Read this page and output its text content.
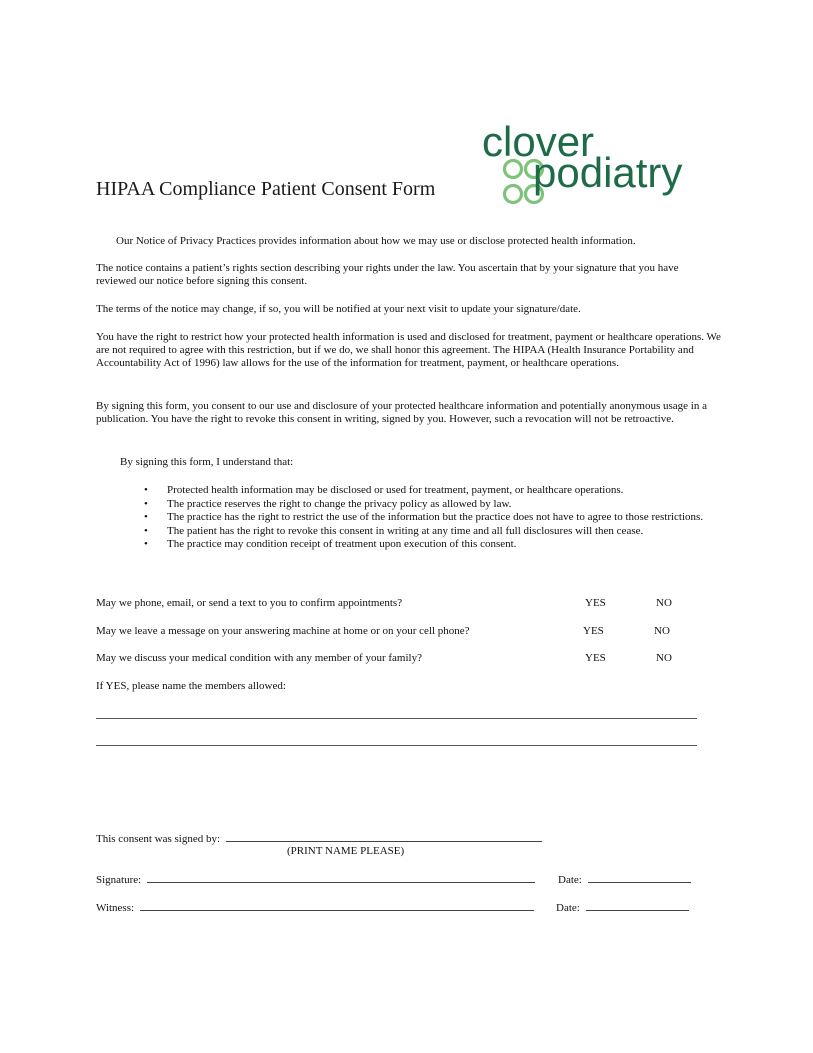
HIPAA Compliance Patient Consent Form
clover
podiatry
Our Notice of Privacy Practices provides information about how we may use or disclose protected health information.
The notice contains a patient’s rights section describing your rights under the law. You ascertain that by your signature that you have reviewed our notice before signing this consent.
The terms of the notice may change, if so, you will be notified at your next visit to update your signature/date.
You have the right to restrict how your protected health information is used and disclosed for treatment, payment or healthcare operations. We are not required to agree with this restriction, but if we do, we shall honor this agreement. The HIPAA (Health Insurance Portability and Accountability Act of 1996) law allows for the use of the information for treatment, payment, or healthcare operations.
By signing this form, you consent to our use and disclosure of your protected healthcare information and potentially anonymous usage in a publication. You have the right to revoke this consent in writing, signed by you. However, such a revocation will not be retroactive.
By signing this form, I understand that:
• Protected health information may be disclosed or used for treatment, payment, or healthcare operations.
• The practice reserves the right to change the privacy policy as allowed by law.
• The practice has the right to restrict the use of the information but the practice does not have to agree to those restrictions.
• The patient has the right to revoke this consent in writing at any time and all full disclosures will then cease.
• The practice may condition receipt of treatment upon execution of this consent.
May we phone, email, or send a text to you to confirm appointments?	YES	NO
May we leave a message on your answering machine at home or on your cell phone?	YES	NO
May we discuss your medical condition with any member of your family?	YES	NO
If YES, please name the members allowed:
This consent was signed by:
(PRINT NAME PLEASE)
Signature:	Date:
Witness:	Date:
